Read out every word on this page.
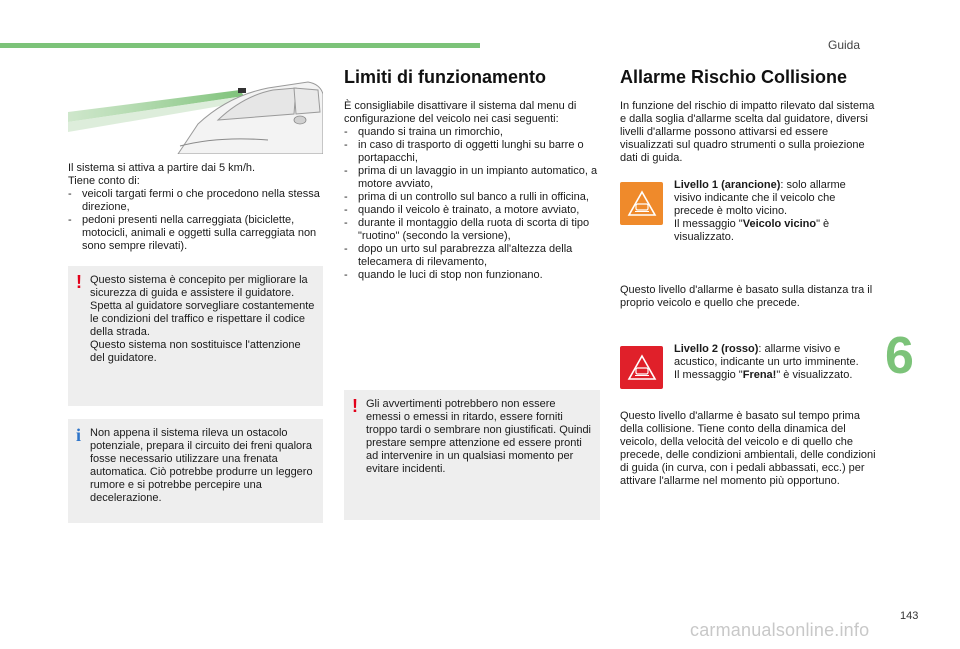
Guida
6
143
carmanualsonline.info

Il sistema si attiva a partire dai 5 km/h.

Tiene conto di:

- veicoli targati fermi o che procedono nella stessa direzione,
- pedoni presenti nella carreggiata (biciclette, motocicli, animali e oggetti sulla carreggiata non sono sempre rilevati).
! Questo sistema è concepito per migliorare la sicurezza di guida e assistere il guidatore.

Spetta al guidatore sorvegliare costantemente le condizioni del traffico e rispettare il codice della strada.

Questo sistema non sostituisce l'attenzione del guidatore.

i Non appena il sistema rileva un ostacolo potenziale, prepara il circuito dei freni qualora fosse necessario utilizzare una frenata automatica. Ciò potrebbe produrre un leggero rumore e si potrebbe percepire una decelerazione.

Limiti di funzionamento

È consigliabile disattivare il sistema dal menu di configurazione del veicolo nei casi seguenti:

- quando si traina un rimorchio,
- in caso di trasporto di oggetti lunghi su barre o portapacchi,
- prima di un lavaggio in un impianto automatico, a motore avviato,
- prima di un controllo sul banco a rulli in officina,
- quando il veicolo è trainato, a motore avviato,
- durante il montaggio della ruota di scorta di tipo "ruotino" (secondo la versione),
- dopo un urto sul parabrezza all'altezza della telecamera di rilevamento,
- quando le luci di stop non funzionano.
! Gli avvertimenti potrebbero non essere emessi o emessi in ritardo, essere forniti troppo tardi o sembrare non giustificati. Quindi prestare sempre attenzione ed essere pronti ad intervenire in un qualsiasi momento per evitare incidenti.

Allarme Rischio Collisione

In funzione del rischio di impatto rilevato dal sistema e dalla soglia d'allarme scelta dal guidatore, diversi livelli d'allarme possono attivarsi ed essere visualizzati sul quadro strumenti o sulla proiezione dati di guida.

Livello 1 (arancione): solo allarme visivo indicante che il veicolo che precede è molto vicino.
Il messaggio "Veicolo vicino" è visualizzato.

Questo livello d'allarme è basato sulla distanza tra il proprio veicolo e quello che precede.

Livello 2 (rosso): allarme visivo e acustico, indicante un urto imminente.
Il messaggio "Frena!" è visualizzato.

Questo livello d'allarme è basato sul tempo prima della collisione. Tiene conto della dinamica del veicolo, della velocità del veicolo e di quello che precede, delle condizioni ambientali, delle condizioni di guida (in curva, con i pedali abbassati, ecc.) per attivare l'allarme nel momento più opportuno.
